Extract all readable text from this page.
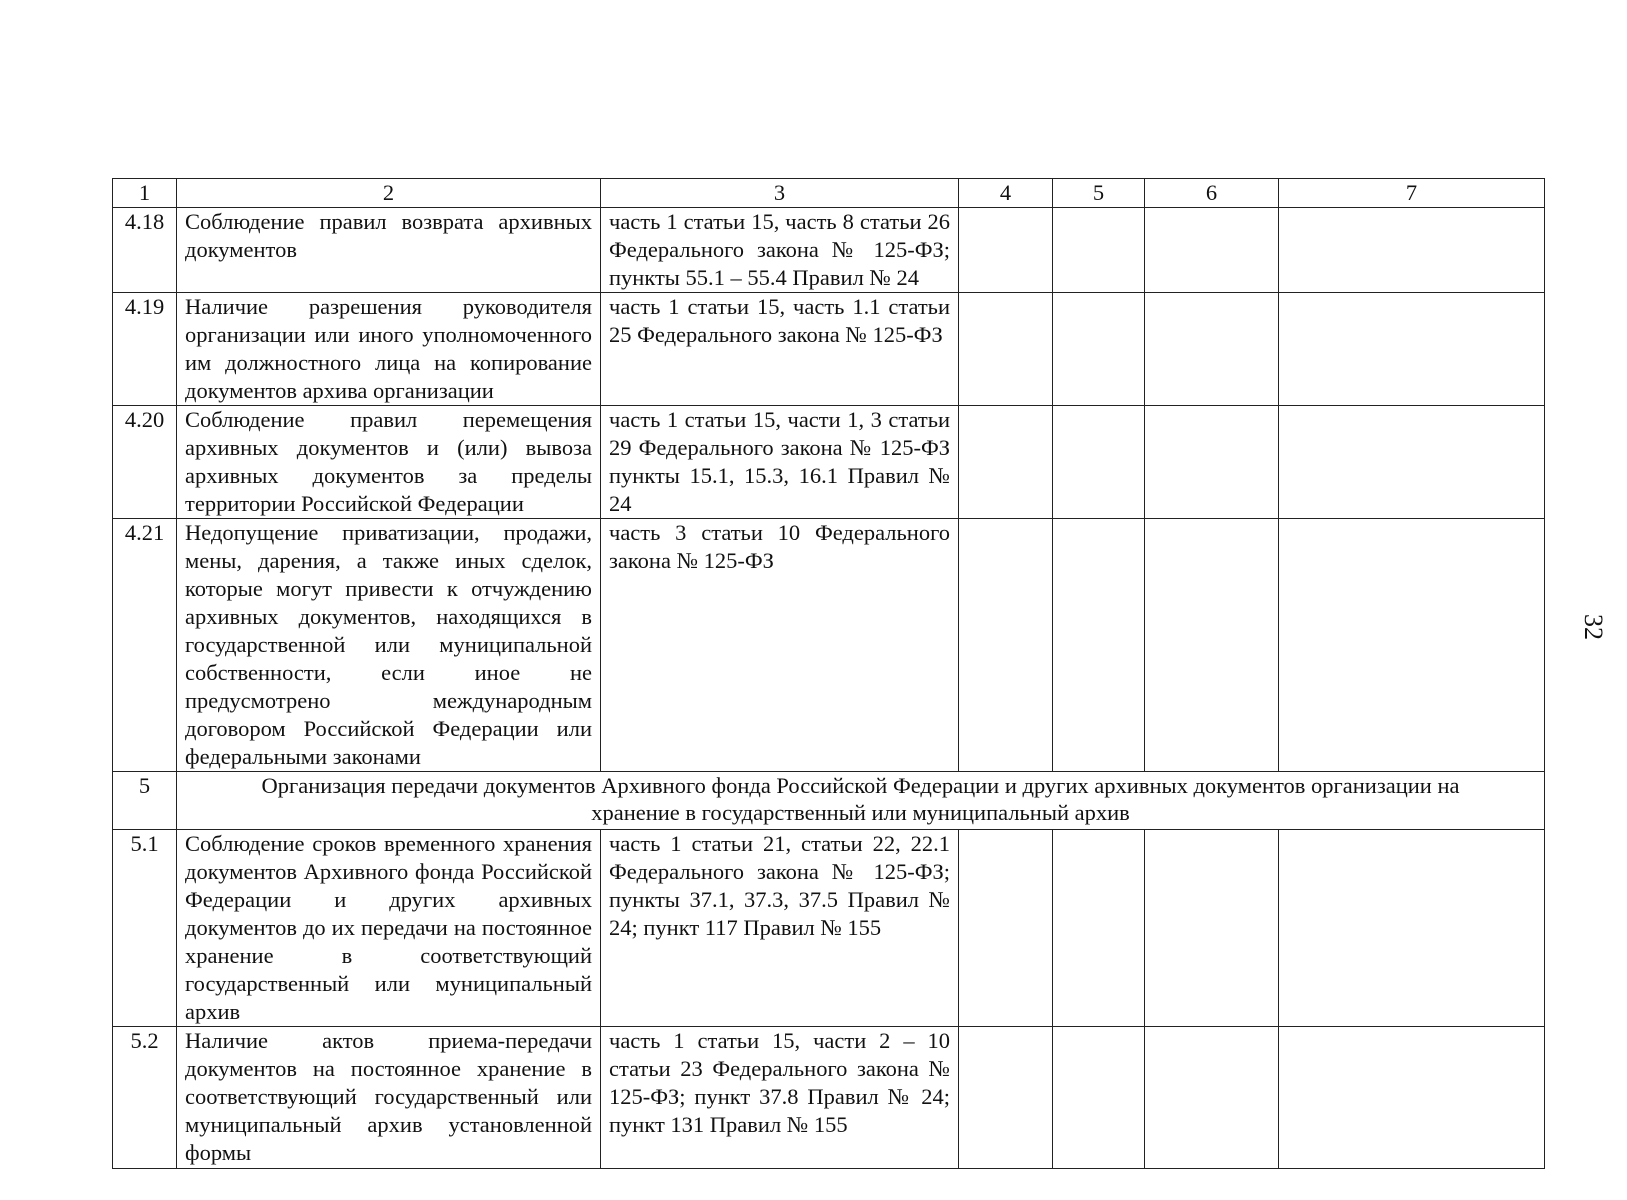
1	2	3	4	5	6	7
4.18	Соблюдение правил возврата архивных документов	часть 1 статьи 15, часть 8 статьи 26 Федерального закона № 125-ФЗ; пункты 55.1 – 55.4 Правил № 24				
4.19	Наличие разрешения руководителя организации или иного уполномоченного им должностного лица на копирование документов архива организации	часть 1 статьи 15, часть 1.1 статьи 25 Федерального закона № 125-ФЗ				
4.20	Соблюдение правил перемещения архивных документов и (или) вывоза архивных документов за пределы территории Российской Федерации	часть 1 статьи 15, части 1, 3 статьи 29 Федерального закона № 125-ФЗ пункты 15.1, 15.3, 16.1 Правил № 24				
4.21	Недопущение приватизации, продажи, мены, дарения, а также иных сделок, которые могут привести к отчуждению архивных документов, находящихся в государственной или муниципальной собственности, если иное не предусмотрено международным договором Российской Федерации или федеральными законами	часть 3 статьи 10 Федерального закона № 125-ФЗ				
5	Организация передачи документов Архивного фонда Российской Федерации и других архивных документов организации на хранение в государственный или муниципальный архив					
5.1	Соблюдение сроков временного хранения документов Архивного фонда Российской Федерации и других архивных документов до их передачи на постоянное хранение в соответствующий государственный или муниципальный архив	часть 1 статьи 21, статьи 22, 22.1 Федерального закона № 125-ФЗ; пункты 37.1, 37.3, 37.5 Правил № 24; пункт 117 Правил № 155				
5.2	Наличие актов приема-передачи документов на постоянное хранение в соответствующий государственный или муниципальный архив установленной формы	часть 1 статьи 15, части 2 – 10 статьи 23 Федерального закона № 125-ФЗ; пункт 37.8 Правил № 24; пункт 131 Правил № 155				
32
